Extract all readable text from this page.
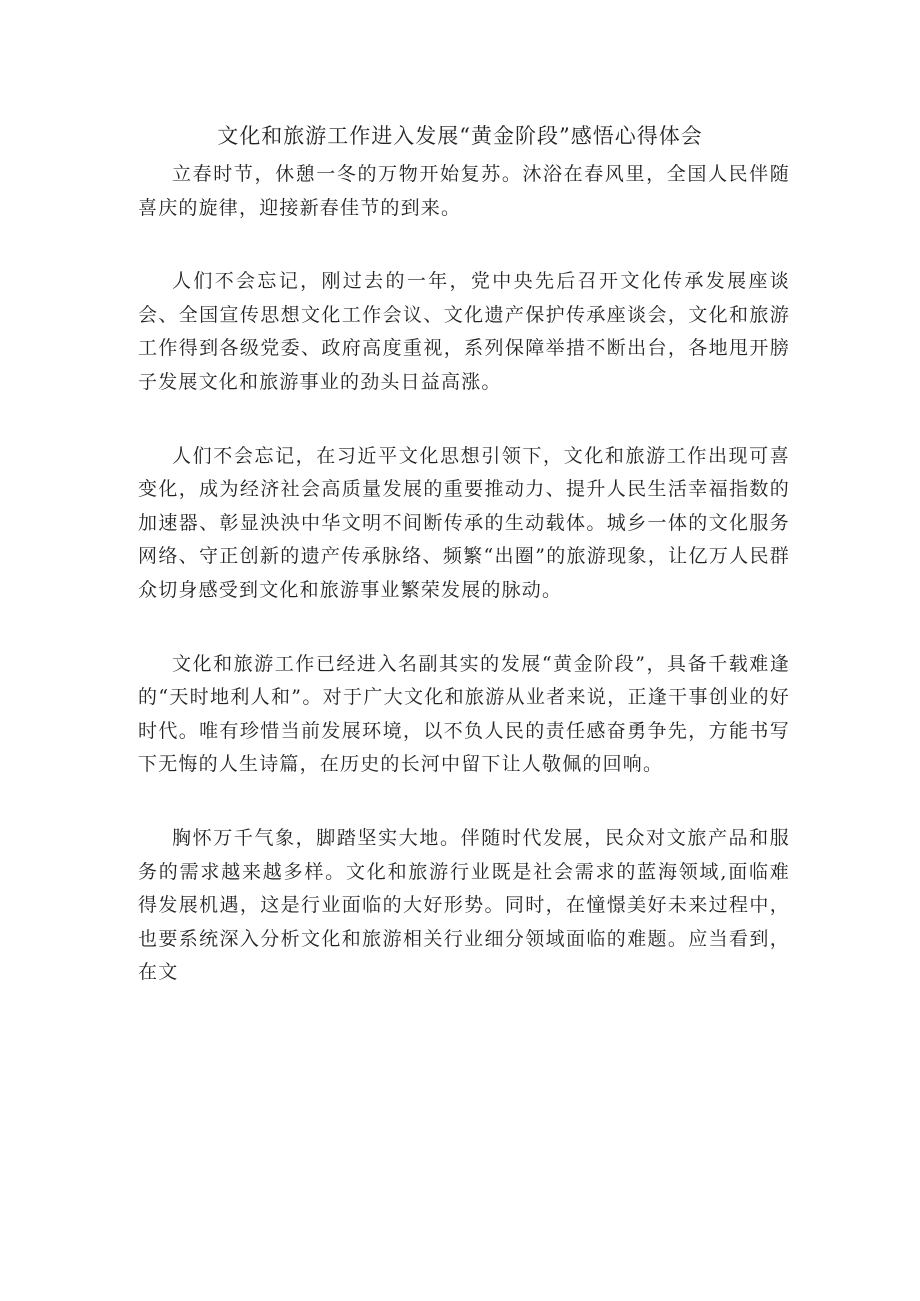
文化和旅游工作进入发展“黄金阶段”感悟心得体会

立春时节，休憩一冬的万物开始复苏。沐浴在春风里，全国人民伴随喜庆的旋律，迎接新春佳节的到来。

人们不会忘记，刚过去的一年，党中央先后召开文化传承发展座谈会、全国宣传思想文化工作会议、文化遗产保护传承座谈会，文化和旅游工作得到各级党委、政府高度重视，系列保障举措不断出台，各地甩开膀子发展文化和旅游事业的劲头日益高涨。

人们不会忘记，在习近平文化思想引领下，文化和旅游工作出现可喜变化，成为经济社会高质量发展的重要推动力、提升人民生活幸福指数的加速器、彰显泱泱中华文明不间断传承的生动载体。城乡一体的文化服务网络、守正创新的遗产传承脉络、频繁“出圈”的旅游现象，让亿万人民群众切身感受到文化和旅游事业繁荣发展的脉动。

文化和旅游工作已经进入名副其实的发展“黄金阶段”，具备千载难逢的“天时地利人和”。对于广大文化和旅游从业者来说，正逢干事创业的好时代。唯有珍惜当前发展环境，以不负人民的责任感奋勇争先，方能书写下无悔的人生诗篇，在历史的长河中留下让人敬佩的回响。

胸怀万千气象，脚踏坚实大地。伴随时代发展，民众对文旅产品和服务的需求越来越多样。文化和旅游行业既是社会需求的蓝海领域,面临难得发展机遇，这是行业面临的大好形势。同时，在憧憬美好未来过程中，也要系统深入分析文化和旅游相关行业细分领域面临的难题。应当看到，在文
